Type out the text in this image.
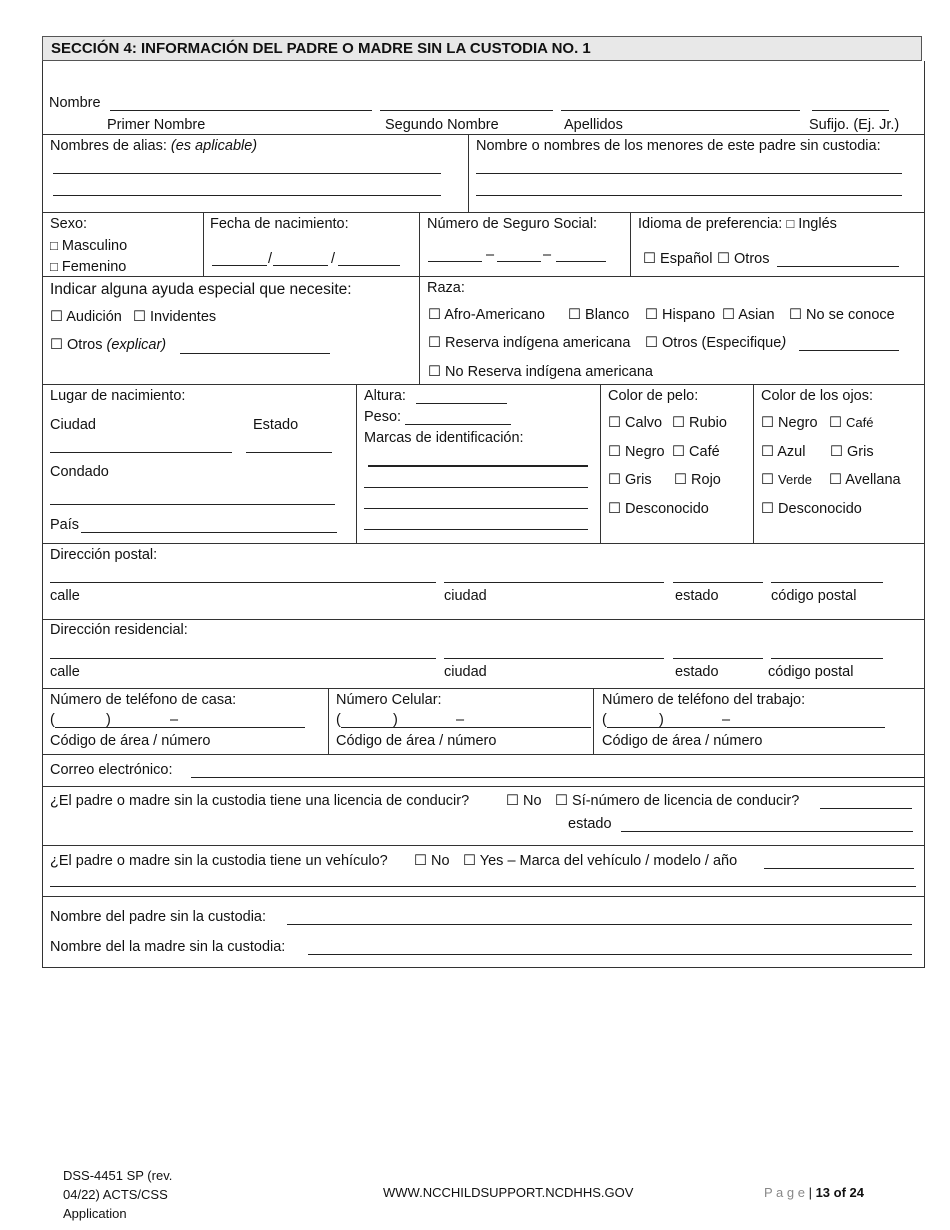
SECCIÓN 4: INFORMACIÓN DEL PADRE O MADRE SIN LA CUSTODIA NO. 1
Nombre
Primer Nombre	Segundo Nombre	Apellidos	Sufijo. (Ej. Jr.)
Nombres de alias: (es aplicable)	Nombre o nombres de los menores de este padre sin custodia:
Sexo:
□ Masculino
□ Femenino
Fecha de nacimiento:
/	/
Número de Seguro Social:
–	–
Idioma de preferencia: □ Inglés
☐ Español ☐ Otros
Indicar alguna ayuda especial que necesite:
☐ Audición ☐ Invidentes
☐ Otros (explicar)
Raza:
☐ Afro-Americano ☐ Blanco ☐ Hispano ☐ Asian ☐ No se conoce
☐ Reserva indígena americana ☐ Otros (Especifique)
☐ No Reserva indígena americana
Lugar de nacimiento:
Ciudad	Estado
Condado
País
Altura:
Peso:
Marcas de identificación:
Color de pelo:
☐ Calvo ☐ Rubio
☐ Negro ☐ Café
☐ Gris ☐ Rojo
☐ Desconocido
Color de los ojos:
☐ Negro ☐ Café
☐ Azul ☐ Gris
☐ Verde ☐ Avellana
☐ Desconocido
Dirección postal:
calle	ciudad	estado	código postal
Dirección residencial:
calle	ciudad	estado	código postal
Número de teléfono de casa:
(	)	–
Código de área / número
Número Celular:
(	)	–
Código de área / número
Número de teléfono del trabajo:
(	)	–
Código de área / número
Correo electrónico:
¿El padre o madre sin la custodia tiene una licencia de conducir?	☐ No ☐ Sí-número de licencia de conducir?
estado
¿El padre o madre sin la custodia tiene un vehículo? ☐ No ☐ Yes – Marca del vehículo / modelo / año
Nombre del padre sin la custodia:
Nombre del la madre sin la custodia:
DSS-4451 SP (rev.
04/22) ACTS/CSS
Application
WWW.NCCHILDSUPPORT.NCDHHS.GOV	P a g e | 13 of 24
